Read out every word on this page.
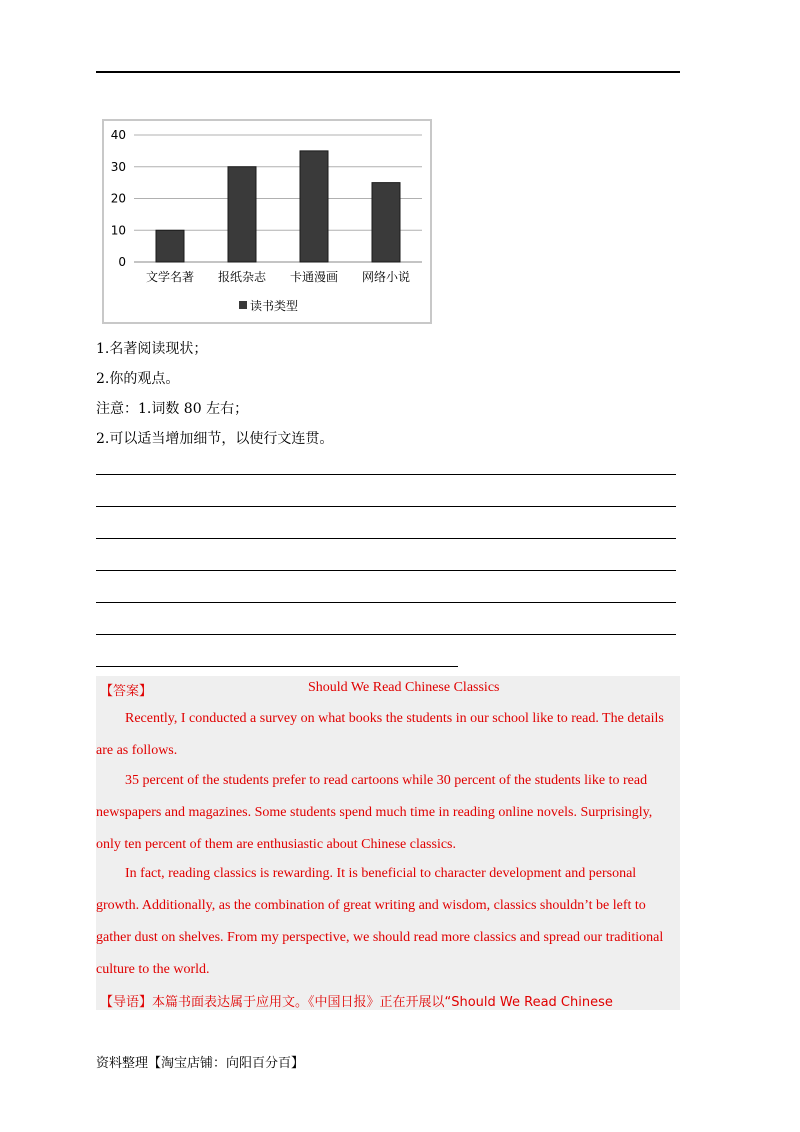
40
30
20
10
0
文学名著 报纸杂志 卡通漫画 网络小说
读书类型
1.名著阅读现状；
2.你的观点。
注意：1.词数 80 左右；
2.可以适当增加细节，以使行文连贯。
【答案】	Should We Read Chinese Classics
Recently, I conducted a survey on what books the students in our school like to read. The details
are as follows.
35 percent of the students prefer to read cartoons while 30 percent of the students like to read
newspapers and magazines. Some students spend much time in reading online novels. Surprisingly,
only ten percent of them are enthusiastic about Chinese classics.
In fact, reading classics is rewarding. It is beneficial to character development and personal
growth. Additionally, as the combination of great writing and wisdom, classics shouldn’t be left to
gather dust on shelves. From my perspective, we should read more classics and spread our traditional
culture to the world.
【导语】本篇书面表达属于应用文。《中国日报》正在开展以“Should We Read Chinese
资料整理【淘宝店铺：向阳百分百】
